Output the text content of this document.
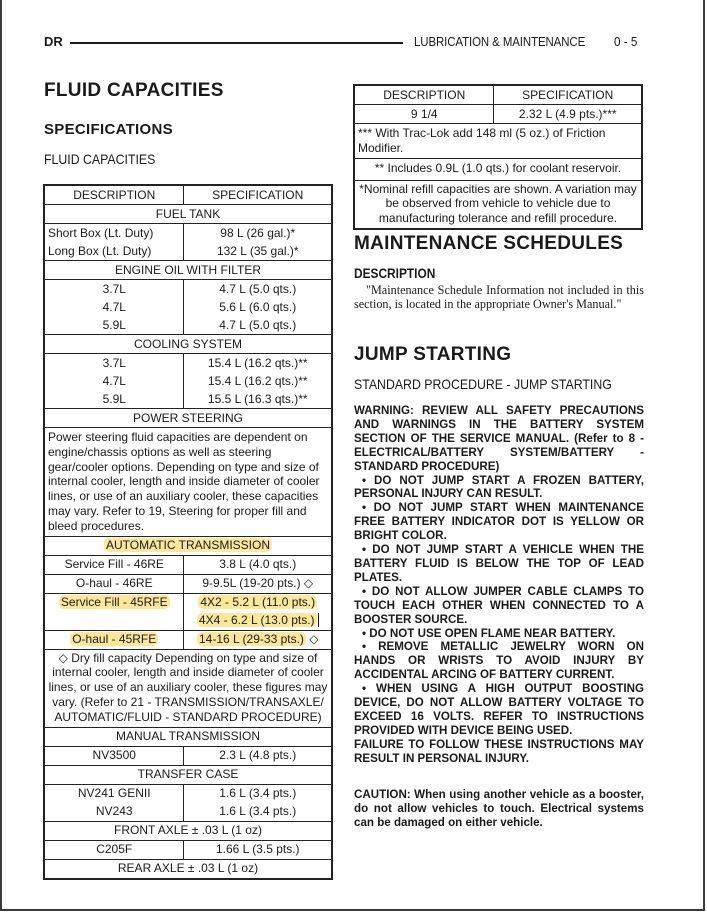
DR	LUBRICATION & MAINTENANCE 0 - 5
FLUID CAPACITIES
SPECIFICATIONS
FLUID CAPACITIES
DESCRIPTION	SPECIFICATION
FUEL TANK	
Short Box (Lt. Duty)	98 L (26 gal.)*
Long Box (Lt. Duty)	132 L (35 gal.)*
ENGINE OIL WITH FILTER	
3.7L	4.7 L (5.0 qts.)
4.7L	5.6 L (6.0 qts.)
5.9L	4.7 L (5.0 qts.)
COOLING SYSTEM	
3.7L	15.4 L (16.2 qts.)**
4.7L	15.4 L (16.2 qts.)**
5.9L	15.5 L (16.3 qts.)**
POWER STEERING	
Power steering fluid capacities are dependent on engine/chassis options as well as steering gear/cooler options. Depending on type and size of internal cooler, length and inside diameter of cooler lines, or use of an auxiliary cooler, these capacities may vary. Refer to 19, Steering for proper fill and bleed procedures.	
AUTOMATIC TRANSMISSION	
Service Fill - 46RE	3.8 L (4.0 qts.)
O-haul - 46RE	9-9.5L (19-20 pts.) ◇
Service Fill - 45RFE	4X2 - 5.2 L (11.0 pts.)
	4X4 - 6.2 L (13.0 pts.)
O-haul - 45RFE	14-16 L (29-33 pts.) ◇
◇ Dry fill capacity Depending on type and size of internal cooler, length and inside diameter of cooler lines, or use of an auxiliary cooler, these figures may vary. (Refer to 21 - TRANSMISSION/TRANSAXLE/ AUTOMATIC/FLUID - STANDARD PROCEDURE)	
MANUAL TRANSMISSION	
NV3500	2.3 L (4.8 pts.)
TRANSFER CASE	
NV241 GENII	1.6 L (3.4 pts.)
NV243	1.6 L (3.4 pts.)
FRONT AXLE ± .03 L (1 oz)	
C205F	1.66 L (3.5 pts.)
REAR AXLE ± .03 L (1 oz)	
DESCRIPTION	SPECIFICATION
9 1/4	2.32 L (4.9 pts.)***
*** With Trac-Lok add 148 ml (5 oz.) of Friction Modifier.	
** Includes 0.9L (1.0 qts.) for coolant reservoir.	
*Nominal refill capacities are shown. A variation may be observed from vehicle to vehicle due to manufacturing tolerance and refill procedure.	
MAINTENANCE SCHEDULES
DESCRIPTION
"Maintenance Schedule Information not included in this section, is located in the appropriate Owner's Manual."
JUMP STARTING
STANDARD PROCEDURE - JUMP STARTING

WARNING: REVIEW ALL SAFETY PRECAUTIONS AND WARNINGS IN THE BATTERY SYSTEM SECTION OF THE SERVICE MANUAL. (Refer to 8 - ELECTRICAL/BATTERY SYSTEM/BATTERY - STANDARD PROCEDURE)

• DO NOT JUMP START A FROZEN BATTERY, PERSONAL INJURY CAN RESULT.

• DO NOT JUMP START WHEN MAINTENANCE FREE BATTERY INDICATOR DOT IS YELLOW OR BRIGHT COLOR.

• DO NOT JUMP START A VEHICLE WHEN THE BATTERY FLUID IS BELOW THE TOP OF LEAD PLATES.

• DO NOT ALLOW JUMPER CABLE CLAMPS TO TOUCH EACH OTHER WHEN CONNECTED TO A BOOSTER SOURCE.

• DO NOT USE OPEN FLAME NEAR BATTERY.

• REMOVE METALLIC JEWELRY WORN ON HANDS OR WRISTS TO AVOID INJURY BY ACCIDENTAL ARCING OF BATTERY CURRENT.

• WHEN USING A HIGH OUTPUT BOOSTING DEVICE, DO NOT ALLOW BATTERY VOLTAGE TO EXCEED 16 VOLTS. REFER TO INSTRUCTIONS PROVIDED WITH DEVICE BEING USED.

FAILURE TO FOLLOW THESE INSTRUCTIONS MAY RESULT IN PERSONAL INJURY.

CAUTION: When using another vehicle as a booster, do not allow vehicles to touch. Electrical systems can be damaged on either vehicle.
